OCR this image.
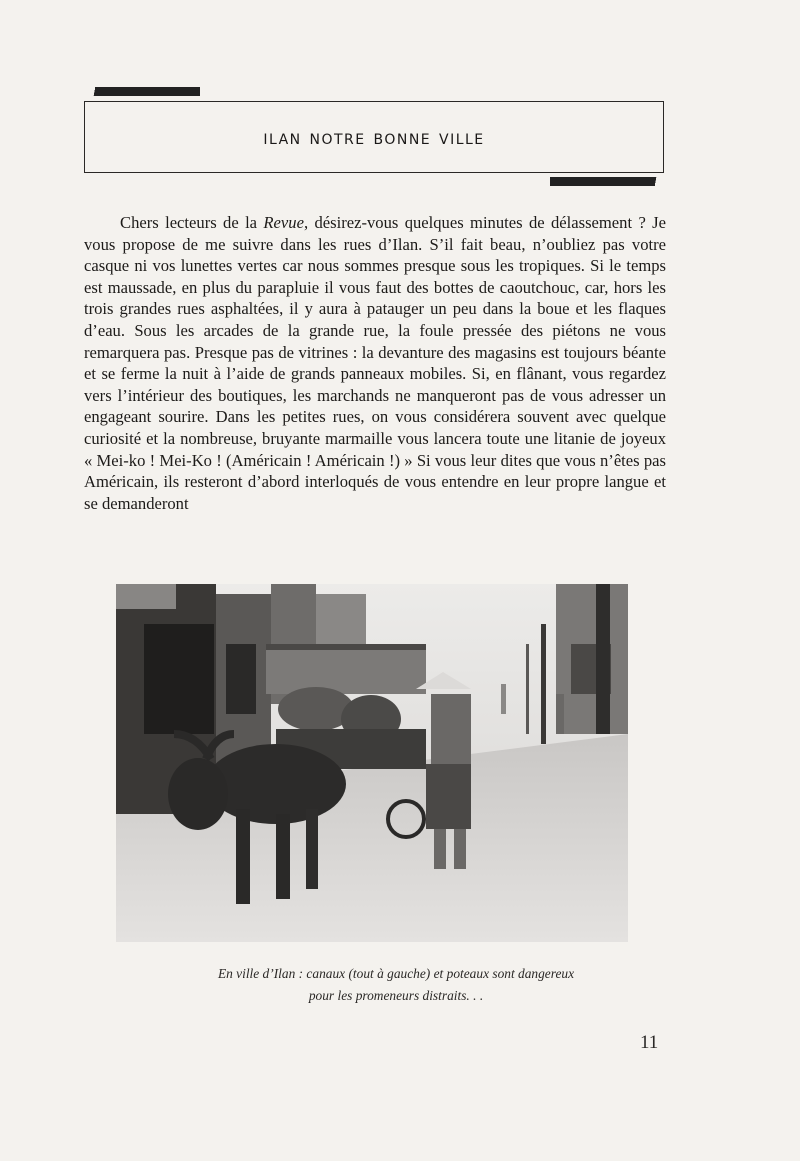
ilan notre bonne ville

Chers lecteurs de la Revue, désirez-vous quelques minutes de délassement ? Je vous propose de me suivre dans les rues d’Ilan. S’il fait beau, n’oubliez pas votre casque ni vos lunettes vertes car nous sommes presque sous les tropiques. Si le temps est maussade, en plus du parapluie il vous faut des bottes de caoutchouc, car, hors les trois grandes rues asphaltées, il y aura à patauger un peu dans la boue et les flaques d’eau. Sous les arcades de la grande rue, la foule pressée des piétons ne vous remarquera pas. Presque pas de vitrines : la devanture des magasins est toujours béante et se ferme la nuit à l’aide de grands panneaux mobiles. Si, en flânant, vous regardez vers l’intérieur des boutiques, les marchands ne manqueront pas de vous adresser un engageant sourire. Dans les petites rues, on vous considérera souvent avec quelque curiosité et la nombreuse, bruyante marmaille vous lancera toute une litanie de joyeux « Mei-ko ! Mei-Ko ! (Américain ! Américain !) » Si vous leur dites que vous n’êtes pas Américain, ils resteront d’abord interloqués de vous entendre en leur propre langue et se demanderont

En ville d’Ilan : canaux (tout à gauche) et poteaux sont dangereux
pour les promeneurs distraits. . .
11
